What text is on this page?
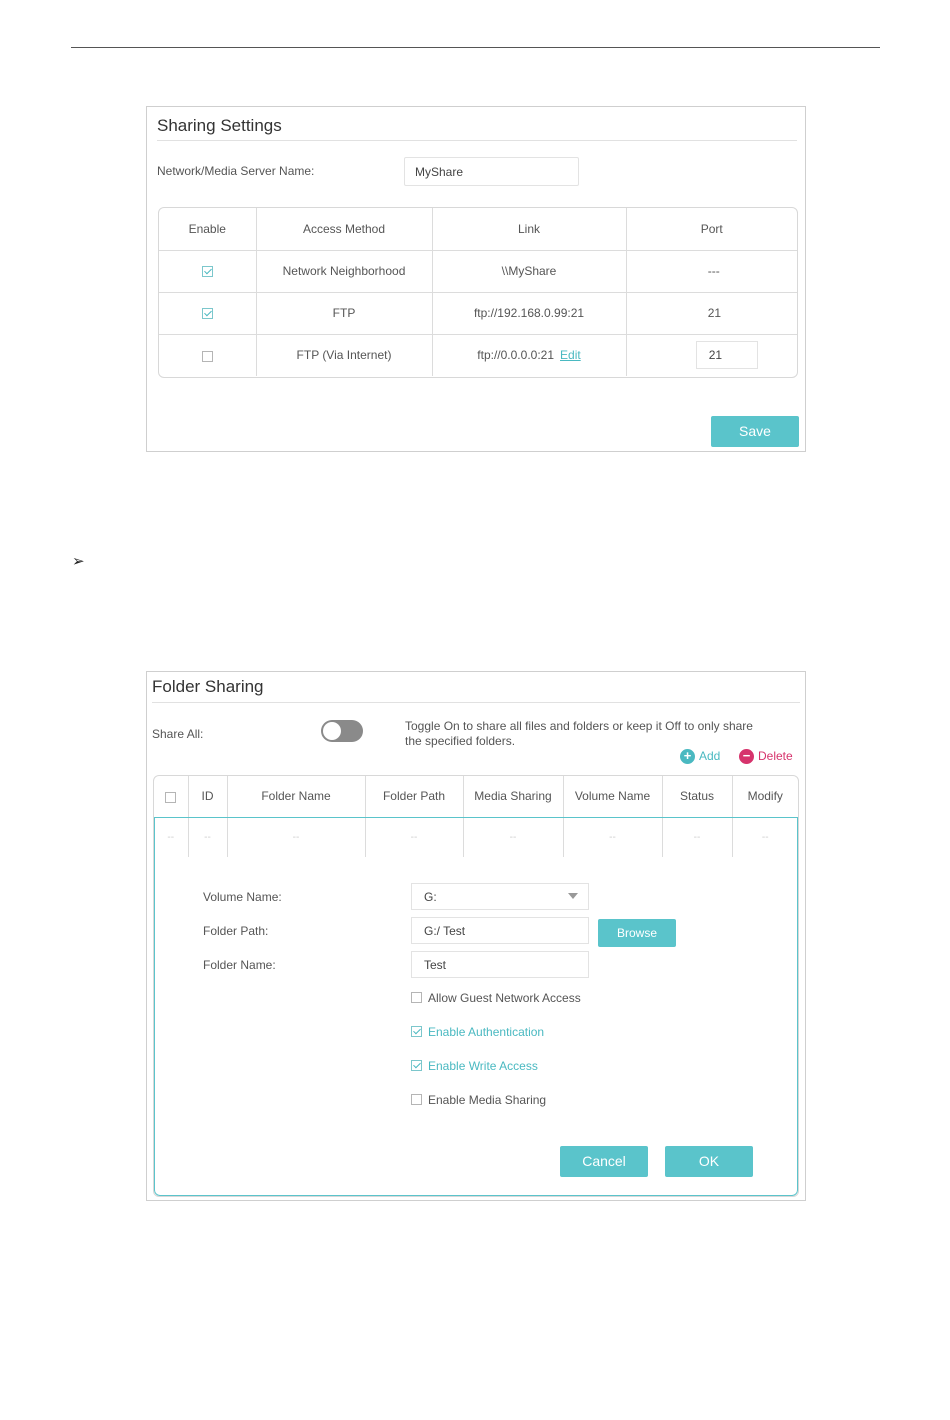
Sharing Settings
Network/Media Server Name:	MyShare
Enable	Access Method	Link	Port
	Network Neighborhood	\\MyShare	---
	FTP	ftp://192.168.0.99:21	21
	FTP (Via Internet)	ftp://0.0.0.0:21 Edit	21
Save
➢
Folder Sharing
Share All:
Toggle On to share all files and folders or keep it Off to only share the specified folders.
+ Add − Delete
	ID	Folder Name	Folder Path	Media Sharing	Volume Name	Status	Modify
--	--	--	--	--	--	--	--
Volume Name:	G:
Folder Path:	G:/ Test	Browse
Folder Name:	Test
Allow Guest Network Access
Enable Authentication
Enable Write Access
Enable Media Sharing
Cancel	OK
